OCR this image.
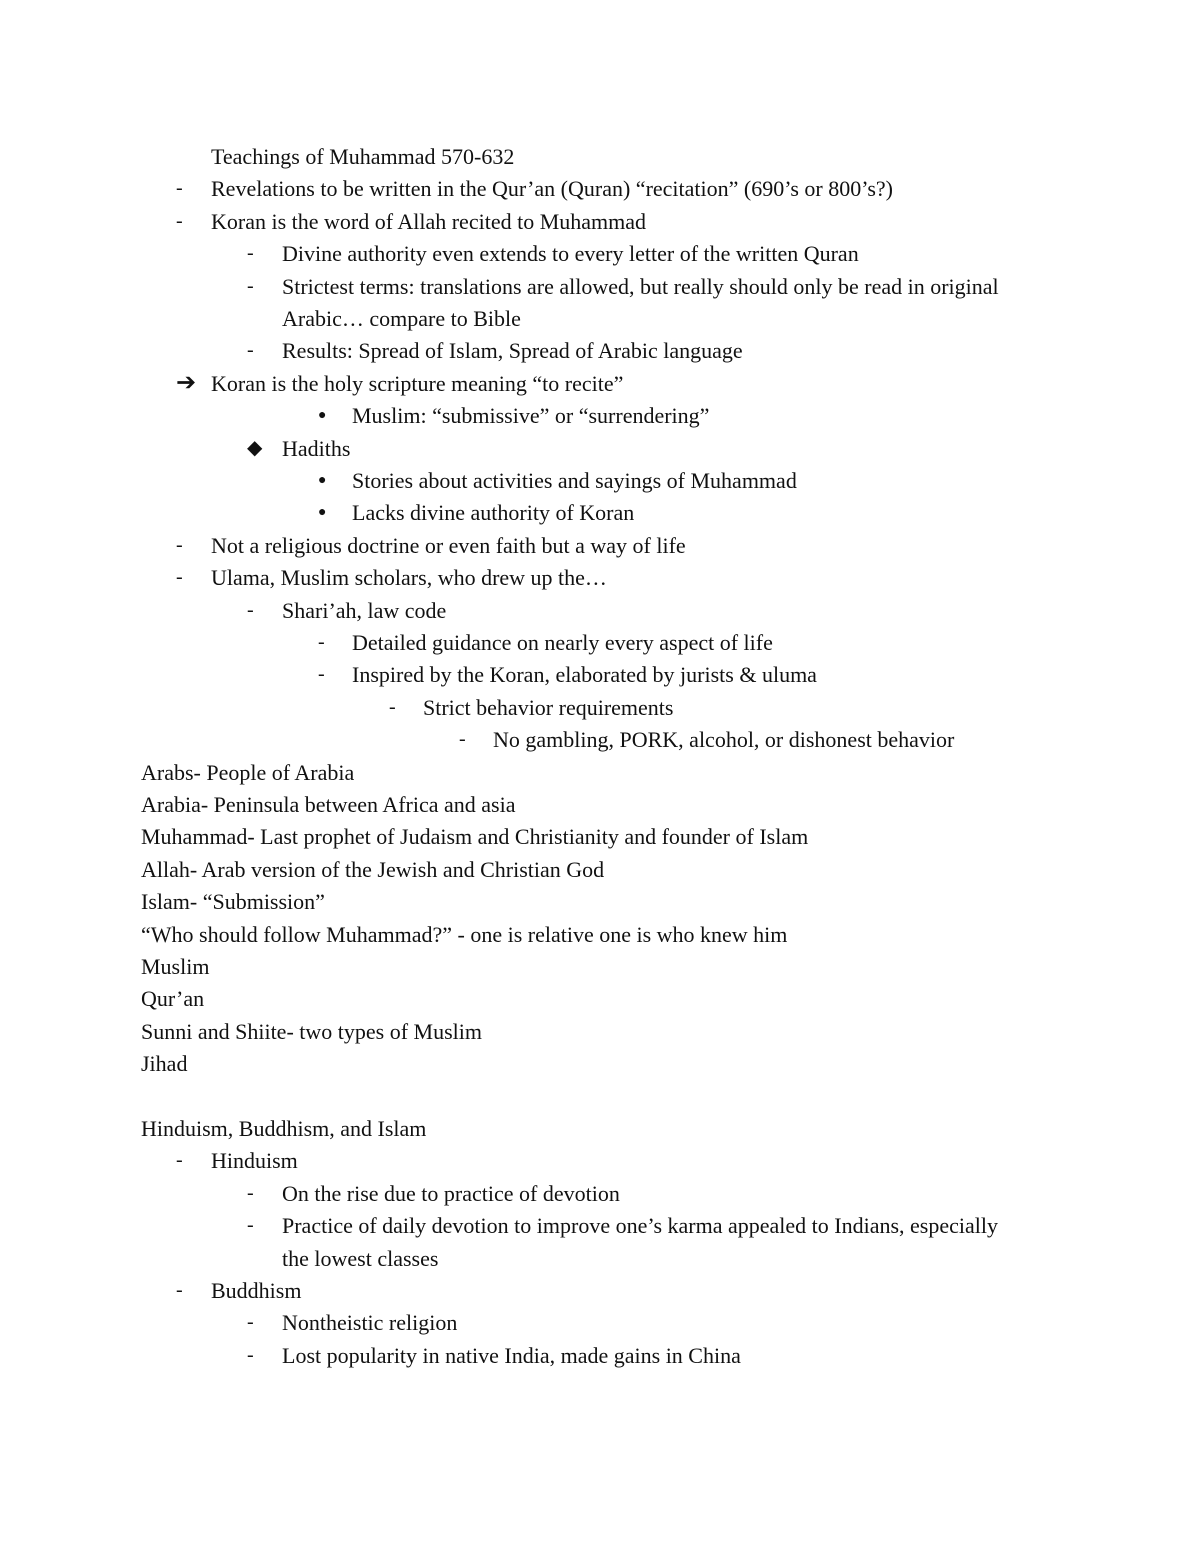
Teachings of Muhammad 570-632
-	Revelations to be written in the Qur’an (Quran) “recitation” (690’s or 800’s?)
-	Koran is the word of Allah recited to Muhammad
-	Divine authority even extends to every letter of the written Quran
-	Strictest terms: translations are allowed, but really should only be read in original
Arabic… compare to Bible
-	Results: Spread of Islam, Spread of Arabic language
➔ Koran is the holy scripture meaning “to recite”
●	Muslim: “submissive” or “surrendering”
◆ Hadiths
●	Stories about activities and sayings of Muhammad
●	Lacks divine authority of Koran
-	Not a religious doctrine or even faith but a way of life
-	Ulama, Muslim scholars, who drew up the…
-	Shari’ah, law code
-	Detailed guidance on nearly every aspect of life
-	Inspired by the Koran, elaborated by jurists & uluma
-	Strict behavior requirements
-	No gambling, PORK, alcohol, or dishonest behavior
Arabs- People of Arabia
Arabia- Peninsula between Africa and asia
Muhammad- Last prophet of Judaism and Christianity and founder of Islam
Allah- Arab version of the Jewish and Christian God
Islam- “Submission”
“Who should follow Muhammad?” - one is relative one is who knew him
Muslim
Qur’an
Sunni and Shiite- two types of Muslim
Jihad
Hinduism, Buddhism, and Islam
-	Hinduism
-	On the rise due to practice of devotion
-	Practice of daily devotion to improve one’s karma appealed to Indians, especially
the lowest classes
-	Buddhism
-	Nontheistic religion
-	Lost popularity in native India, made gains in China
